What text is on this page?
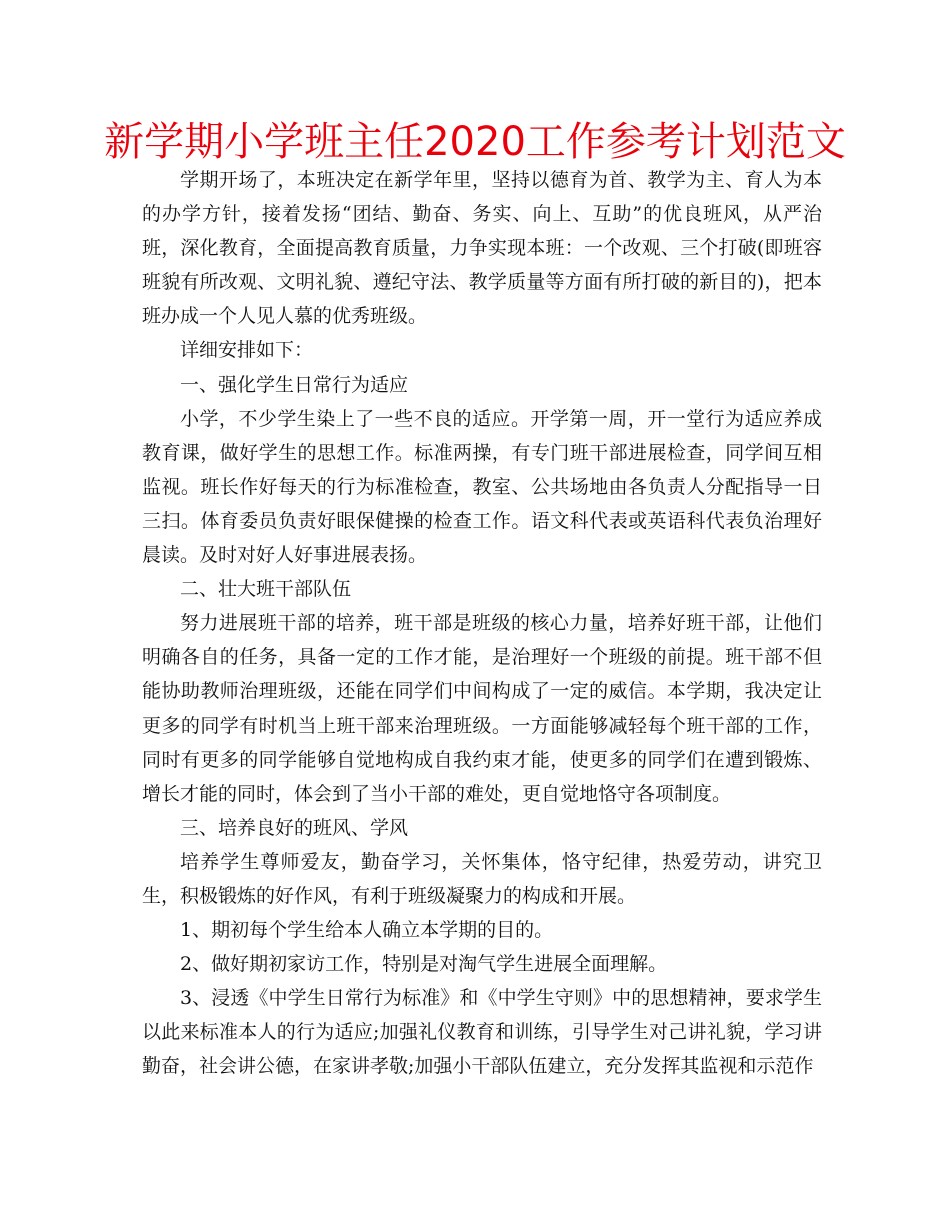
新学期小学班主任2020工作参考计划范文

学期开场了，本班决定在新学年里，坚持以德育为首、教学为主、育人为本的办学方针，接着发扬“团结、勤奋、务实、向上、互助”的优良班风，从严治班，深化教育，全面提高教育质量，力争实现本班：一个改观、三个打破(即班容班貌有所改观、文明礼貌、遵纪守法、教学质量等方面有所打破的新目的)，把本班办成一个人见人慕的优秀班级。

详细安排如下：

一、强化学生日常行为适应

小学，不少学生染上了一些不良的适应。开学第一周，开一堂行为适应养成教育课，做好学生的思想工作。标准两操，有专门班干部进展检查，同学间互相监视。班长作好每天的行为标准检查，教室、公共场地由各负责人分配指导一日三扫。体育委员负责好眼保健操的检查工作。语文科代表或英语科代表负治理好晨读。及时对好人好事进展表扬。

二、壮大班干部队伍

努力进展班干部的培养，班干部是班级的核心力量，培养好班干部，让他们明确各自的任务，具备一定的工作才能，是治理好一个班级的前提。班干部不但能协助教师治理班级，还能在同学们中间构成了一定的威信。本学期，我决定让更多的同学有时机当上班干部来治理班级。一方面能够减轻每个班干部的工作，同时有更多的同学能够自觉地构成自我约束才能，使更多的同学们在遭到锻炼、增长才能的同时，体会到了当小干部的难处，更自觉地恪守各项制度。

三、培养良好的班风、学风

培养学生尊师爱友，勤奋学习，关怀集体，恪守纪律，热爱劳动，讲究卫生，积极锻炼的好作风，有利于班级凝聚力的构成和开展。

1、期初每个学生给本人确立本学期的目的。

2、做好期初家访工作，特别是对淘气学生进展全面理解。

3、浸透《中学生日常行为标准》和《中学生守则》中的思想精神，要求学生以此来标准本人的行为适应;加强礼仪教育和训练，引导学生对己讲礼貌，学习讲勤奋，社会讲公德，在家讲孝敬;加强小干部队伍建立，充分发挥其监视和示范作
